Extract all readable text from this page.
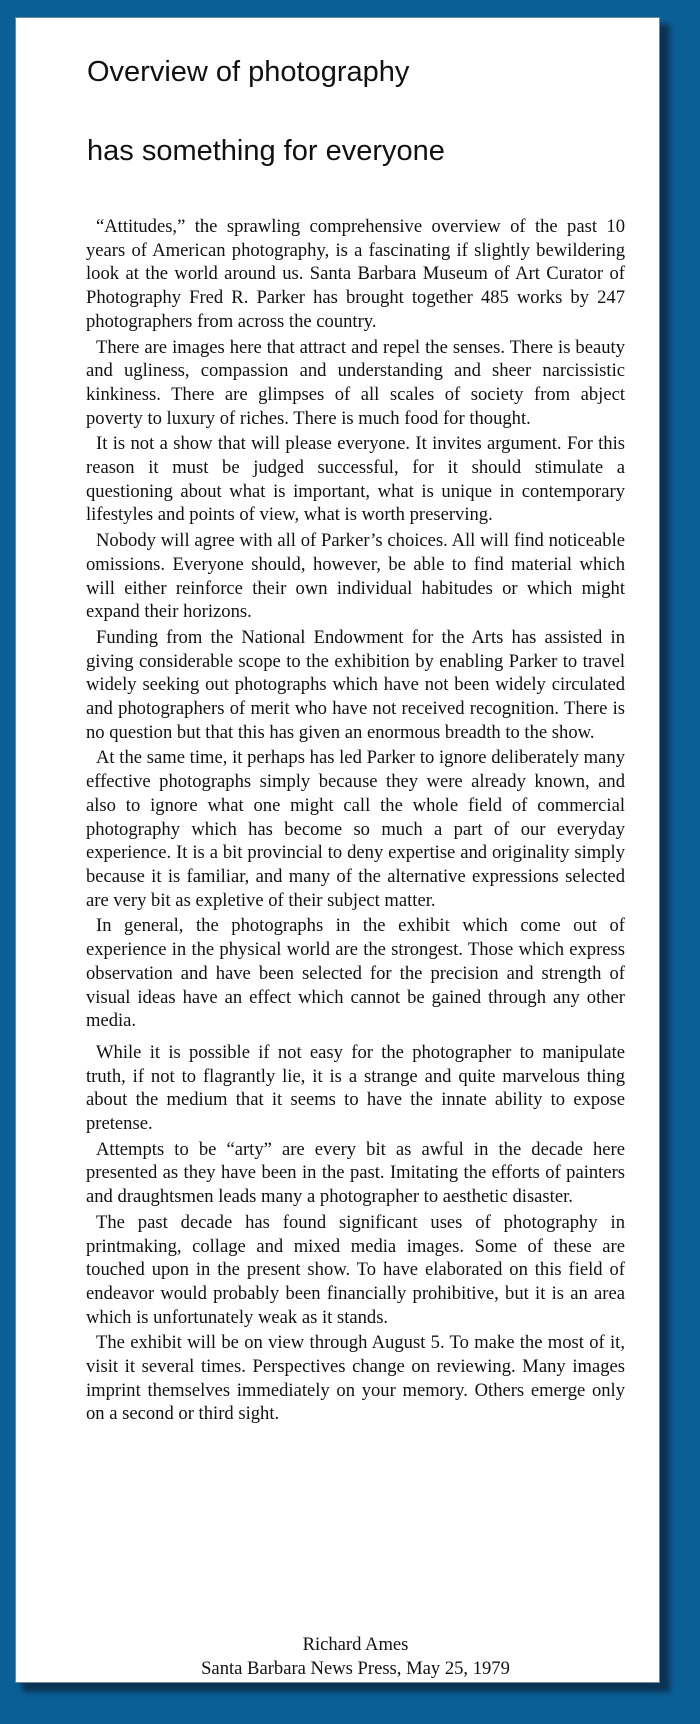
Overview of photography
has something for everyone

“Attitudes,” the sprawling comprehensive overview of the past 10 years of American photography, is a fascinating if slightly bewildering look at the world around us. Santa Barbara Museum of Art Curator of Photography Fred R. Parker has brought together 485 works by 247 photographers from across the country.

There are images here that attract and repel the senses. There is beauty and ugliness, compassion and understanding and sheer narcissistic kinkiness. There are glimpses of all scales of society from abject poverty to luxury of riches. There is much food for thought.

It is not a show that will please everyone. It invites argument. For this reason it must be judged successful, for it should stimulate a questioning about what is important, what is unique in contemporary lifestyles and points of view, what is worth preserving.

Nobody will agree with all of Parker’s choices. All will find noticeable omissions. Everyone should, however, be able to find material which will either reinforce their own individual habitudes or which might expand their horizons.

Funding from the National Endowment for the Arts has assisted in giving considerable scope to the exhibition by enabling Parker to travel widely seeking out photographs which have not been widely circulated and photographers of merit who have not received recognition. There is no question but that this has given an enormous breadth to the show.

At the same time, it perhaps has led Parker to ignore deliberately many effective photographs simply because they were already known, and also to ignore what one might call the whole field of commercial photography which has become so much a part of our everyday experience. It is a bit provincial to deny expertise and originality simply because it is familiar, and many of the alternative expressions selected are very bit as expletive of their subject matter.

In general, the photographs in the exhibit which come out of experience in the physical world are the strongest. Those which express observation and have been selected for the precision and strength of visual ideas have an effect which cannot be gained through any other media.

While it is possible if not easy for the photographer to manipulate truth, if not to flagrantly lie, it is a strange and quite marvelous thing about the medium that it seems to have the innate ability to expose pretense.

Attempts to be “arty” are every bit as awful in the decade here presented as they have been in the past. Imitating the efforts of painters and draughtsmen leads many a photographer to aesthetic disaster.

The past decade has found significant uses of photography in printmaking, collage and mixed media images. Some of these are touched upon in the present show. To have elaborated on this field of endeavor would probably been financially prohibitive, but it is an area which is unfortunately weak as it stands.

The exhibit will be on view through August 5. To make the most of it, visit it several times. Perspectives change on reviewing. Many images imprint themselves immediately on your memory. Others emerge only on a second or third sight.

Richard Ames
Santa Barbara News Press, May 25, 1979
